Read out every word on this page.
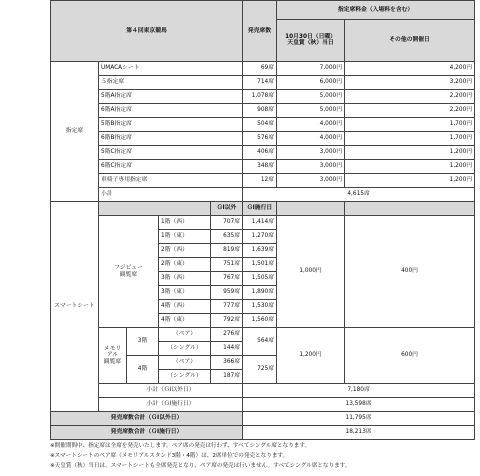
第４回東京競馬					発売席数	指定席料金（入場料を含む）	
						10月30日（日曜）
天皇賞（秋）当日	その他の開催日
指定席	UMACAシート				69席	7,000円	4,200円
	５指定席				714席	6,000円	3,200円
	5階A指定席				1,078席	5,000円	2,200円
	6階A指定席				908席	5,000円	2,200円
	5階B指定席				504席	4,000円	1,700円
	6階B指定席				576席	4,000円	1,700円
	5階C指定席				406席	3,000円	1,200円
	6階C指定席				348席	3,000円	1,200円
	車椅子専用指定席				12席	3,000円	1,200円
	小計				4,615席		
スマートシート				ＧⅠ以外	ＧⅠ施行日		
	フジビュー
観覧席		1階（西）	707席	1,414席	1,000円	400円
			1階（東）	635席	1,270席		
			2階（西）	819席	1,639席		
			2階（東）	751席	1,501席		
			3階（西）	767席	1,505席		
			3階（東）	959席	1,890席		
			4階（西）	777席	1,530席		
			4階（東）	792席	1,560席		
	メモリアル
観覧席	3階	（ペア）	276席	564席	1,200円	600円
			（シングル）	144席			
		4階	（ペア）	366席	725席		
			（シングル）	187席			
	小計（ＧⅠ以外日）				7,180席		
	小計（ＧⅠ施行日）				13,598席		
発売席数合計（ＧⅠ以外日）					11,795席		
発売席数合計（ＧⅠ施行日）					18,213席		
※開催期間中、指定席は全席を発売いたします。ペア席の発売は行わず、すべてシングル席となります。
※スマートシートのペア席（メモリアルスタンド3階・4階）は、2席単位での発売となります。
※天皇賞（秋）当日は、スマートシートも全席発売となり、ペア席の発売は行いません。すべてシングル席となります。
